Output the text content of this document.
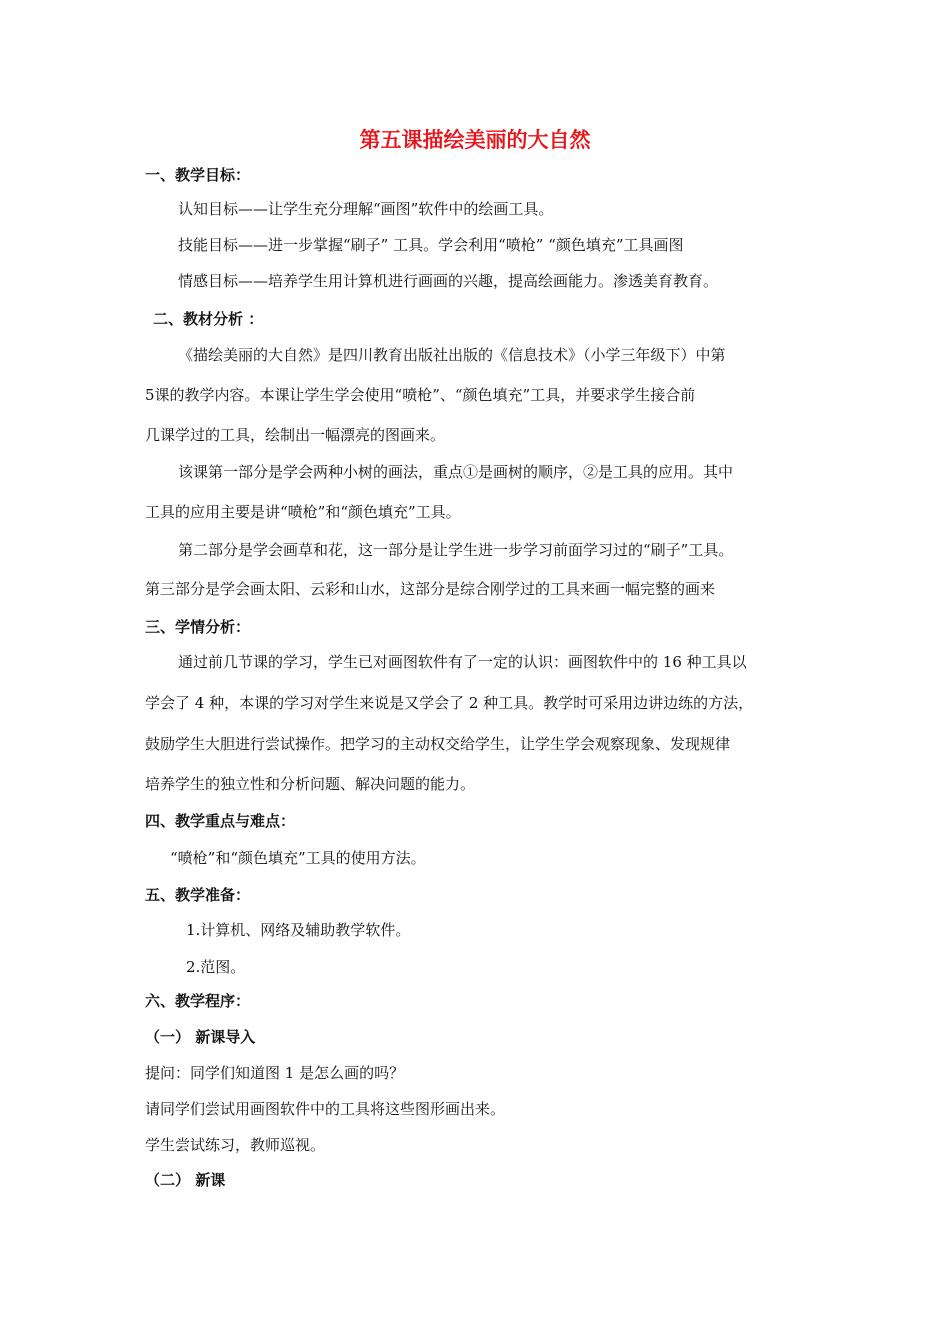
第五课描绘美丽的大自然
一、教学目标：
认知目标——让学生充分理解“画图”软件中的绘画工具。
技能目标——进一步掌握“刷子” 工具。学会利用“喷枪” “颜色填充”工具画图
情感目标——培养学生用计算机进行画画的兴趣，提高绘画能力。渗透美育教育。
二、教材分析 ：
《描绘美丽的大自然》是四川教育出版社出版的《信息技术》（小学三年级下）中第
5课的教学内容。本课让学生学会使用“喷枪”、“颜色填充”工具，并要求学生接合前
几课学过的工具，绘制出一幅漂亮的图画来。
该课第一部分是学会两种小树的画法，重点①是画树的顺序，②是工具的应用。其中
工具的应用主要是讲“喷枪”和“颜色填充”工具。
第二部分是学会画草和花，这一部分是让学生进一步学习前面学习过的“刷子”工具。
第三部分是学会画太阳、云彩和山水，这部分是综合刚学过的工具来画一幅完整的画来
三、学情分析：
通过前几节课的学习，学生已对画图软件有了一定的认识：画图软件中的 16 种工具以
学会了 4 种，本课的学习对学生来说是又学会了 2 种工具。教学时可采用边讲边练的方法，
鼓励学生大胆进行尝试操作。把学习的主动权交给学生，让学生学会观察现象、发现规律
培养学生的独立性和分析问题、解决问题的能力。
四、教学重点与难点：
“喷枪”和“颜色填充”工具的使用方法。
五、教学准备：
1.计算机、网络及辅助教学软件。
2.范图。
六、教学程序：
（一） 新课导入
提问：同学们知道图 1 是怎么画的吗？
请同学们尝试用画图软件中的工具将这些图形画出来。
学生尝试练习，教师巡视。
（二） 新课
